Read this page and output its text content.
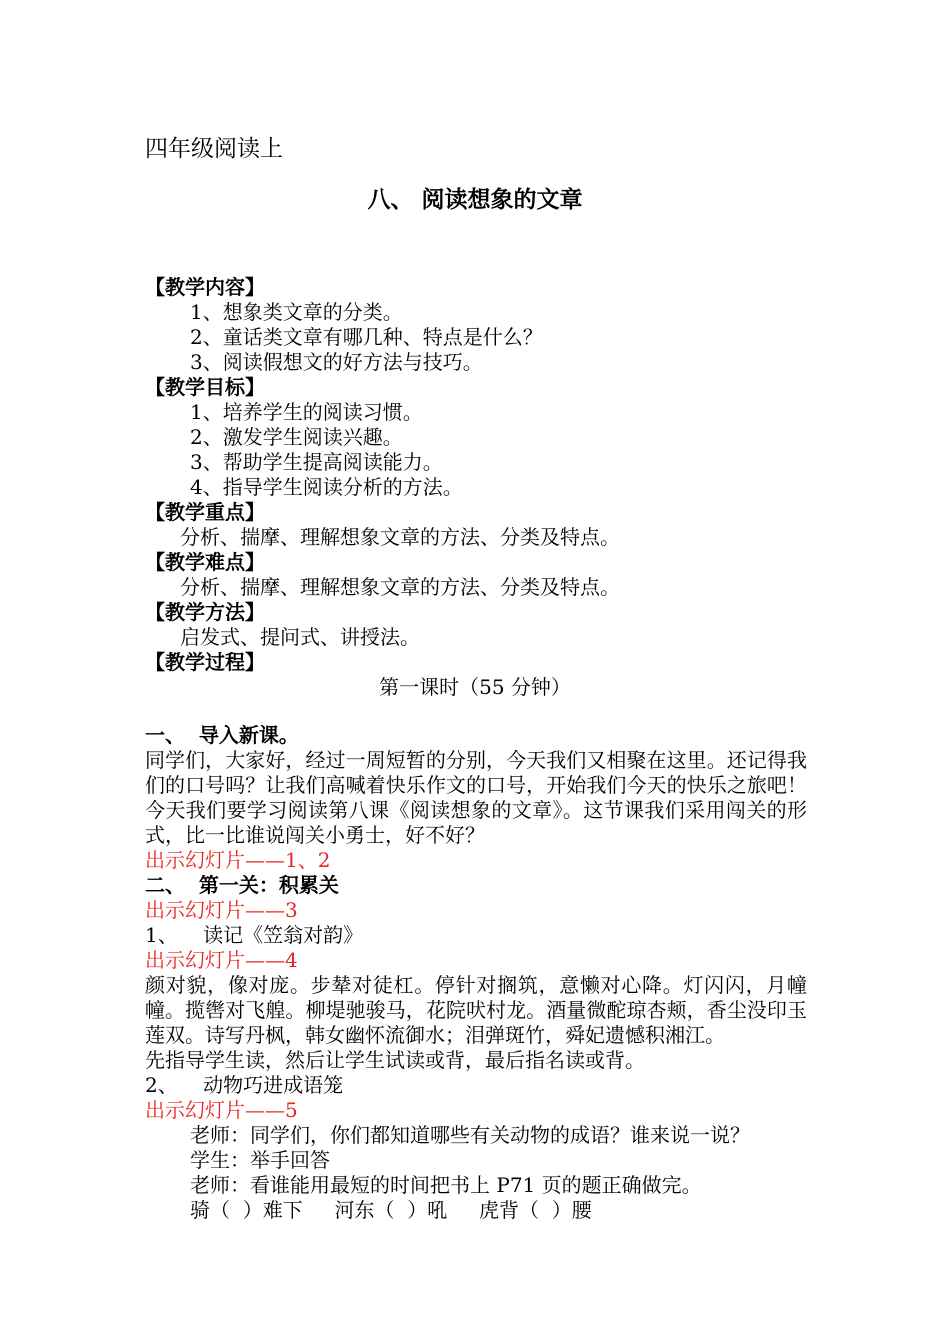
四年级阅读上
八、 阅读想象的文章
【教学内容】
1、想象类文章的分类。
2、童话类文章有哪几种、特点是什么？
3、阅读假想文的好方法与技巧。
【教学目标】
1、培养学生的阅读习惯。
2、激发学生阅读兴趣。
3、帮助学生提高阅读能力。
4、指导学生阅读分析的方法。
【教学重点】
分析、揣摩、理解想象文章的方法、分类及特点。
【教学难点】
分析、揣摩、理解想象文章的方法、分类及特点。
【教学方法】
启发式、提问式、讲授法。
【教学过程】
第一课时（55 分钟）
一、  导入新课。
同学们，大家好，经过一周短暂的分别，今天我们又相聚在这里。还记得我们的口号吗？让我们高喊着快乐作文的口号，开始我们今天的快乐之旅吧！今天我们要学习阅读第八课《阅读想象的文章》。这节课我们采用闯关的形式，比一比谁说闯关小勇士，好不好？
出示幻灯片——1、2
二、  第一关：积累关
出示幻灯片——3
1、    读记《笠翁对韵》
出示幻灯片——4
颜对貌，像对庞。步辇对徒杠。停针对搁筑，意懒对心降。灯闪闪，月幢幢。揽辔对飞艎。柳堤驰骏马，花院吠村龙。酒量微酡琼杏颊，香尘没印玉莲双。诗写丹枫，韩女幽怀流御水；泪弹斑竹，舜妃遗憾积湘江。
先指导学生读，然后让学生试读或背，最后指名读或背。
2、    动物巧进成语笼
出示幻灯片——5
老师：同学们，你们都知道哪些有关动物的成语？谁来说一说？
学生：举手回答
老师：看谁能用最短的时间把书上 P71 页的题正确做完。
骑（  ）难下 河东（  ）吼 虎背（  ）腰
